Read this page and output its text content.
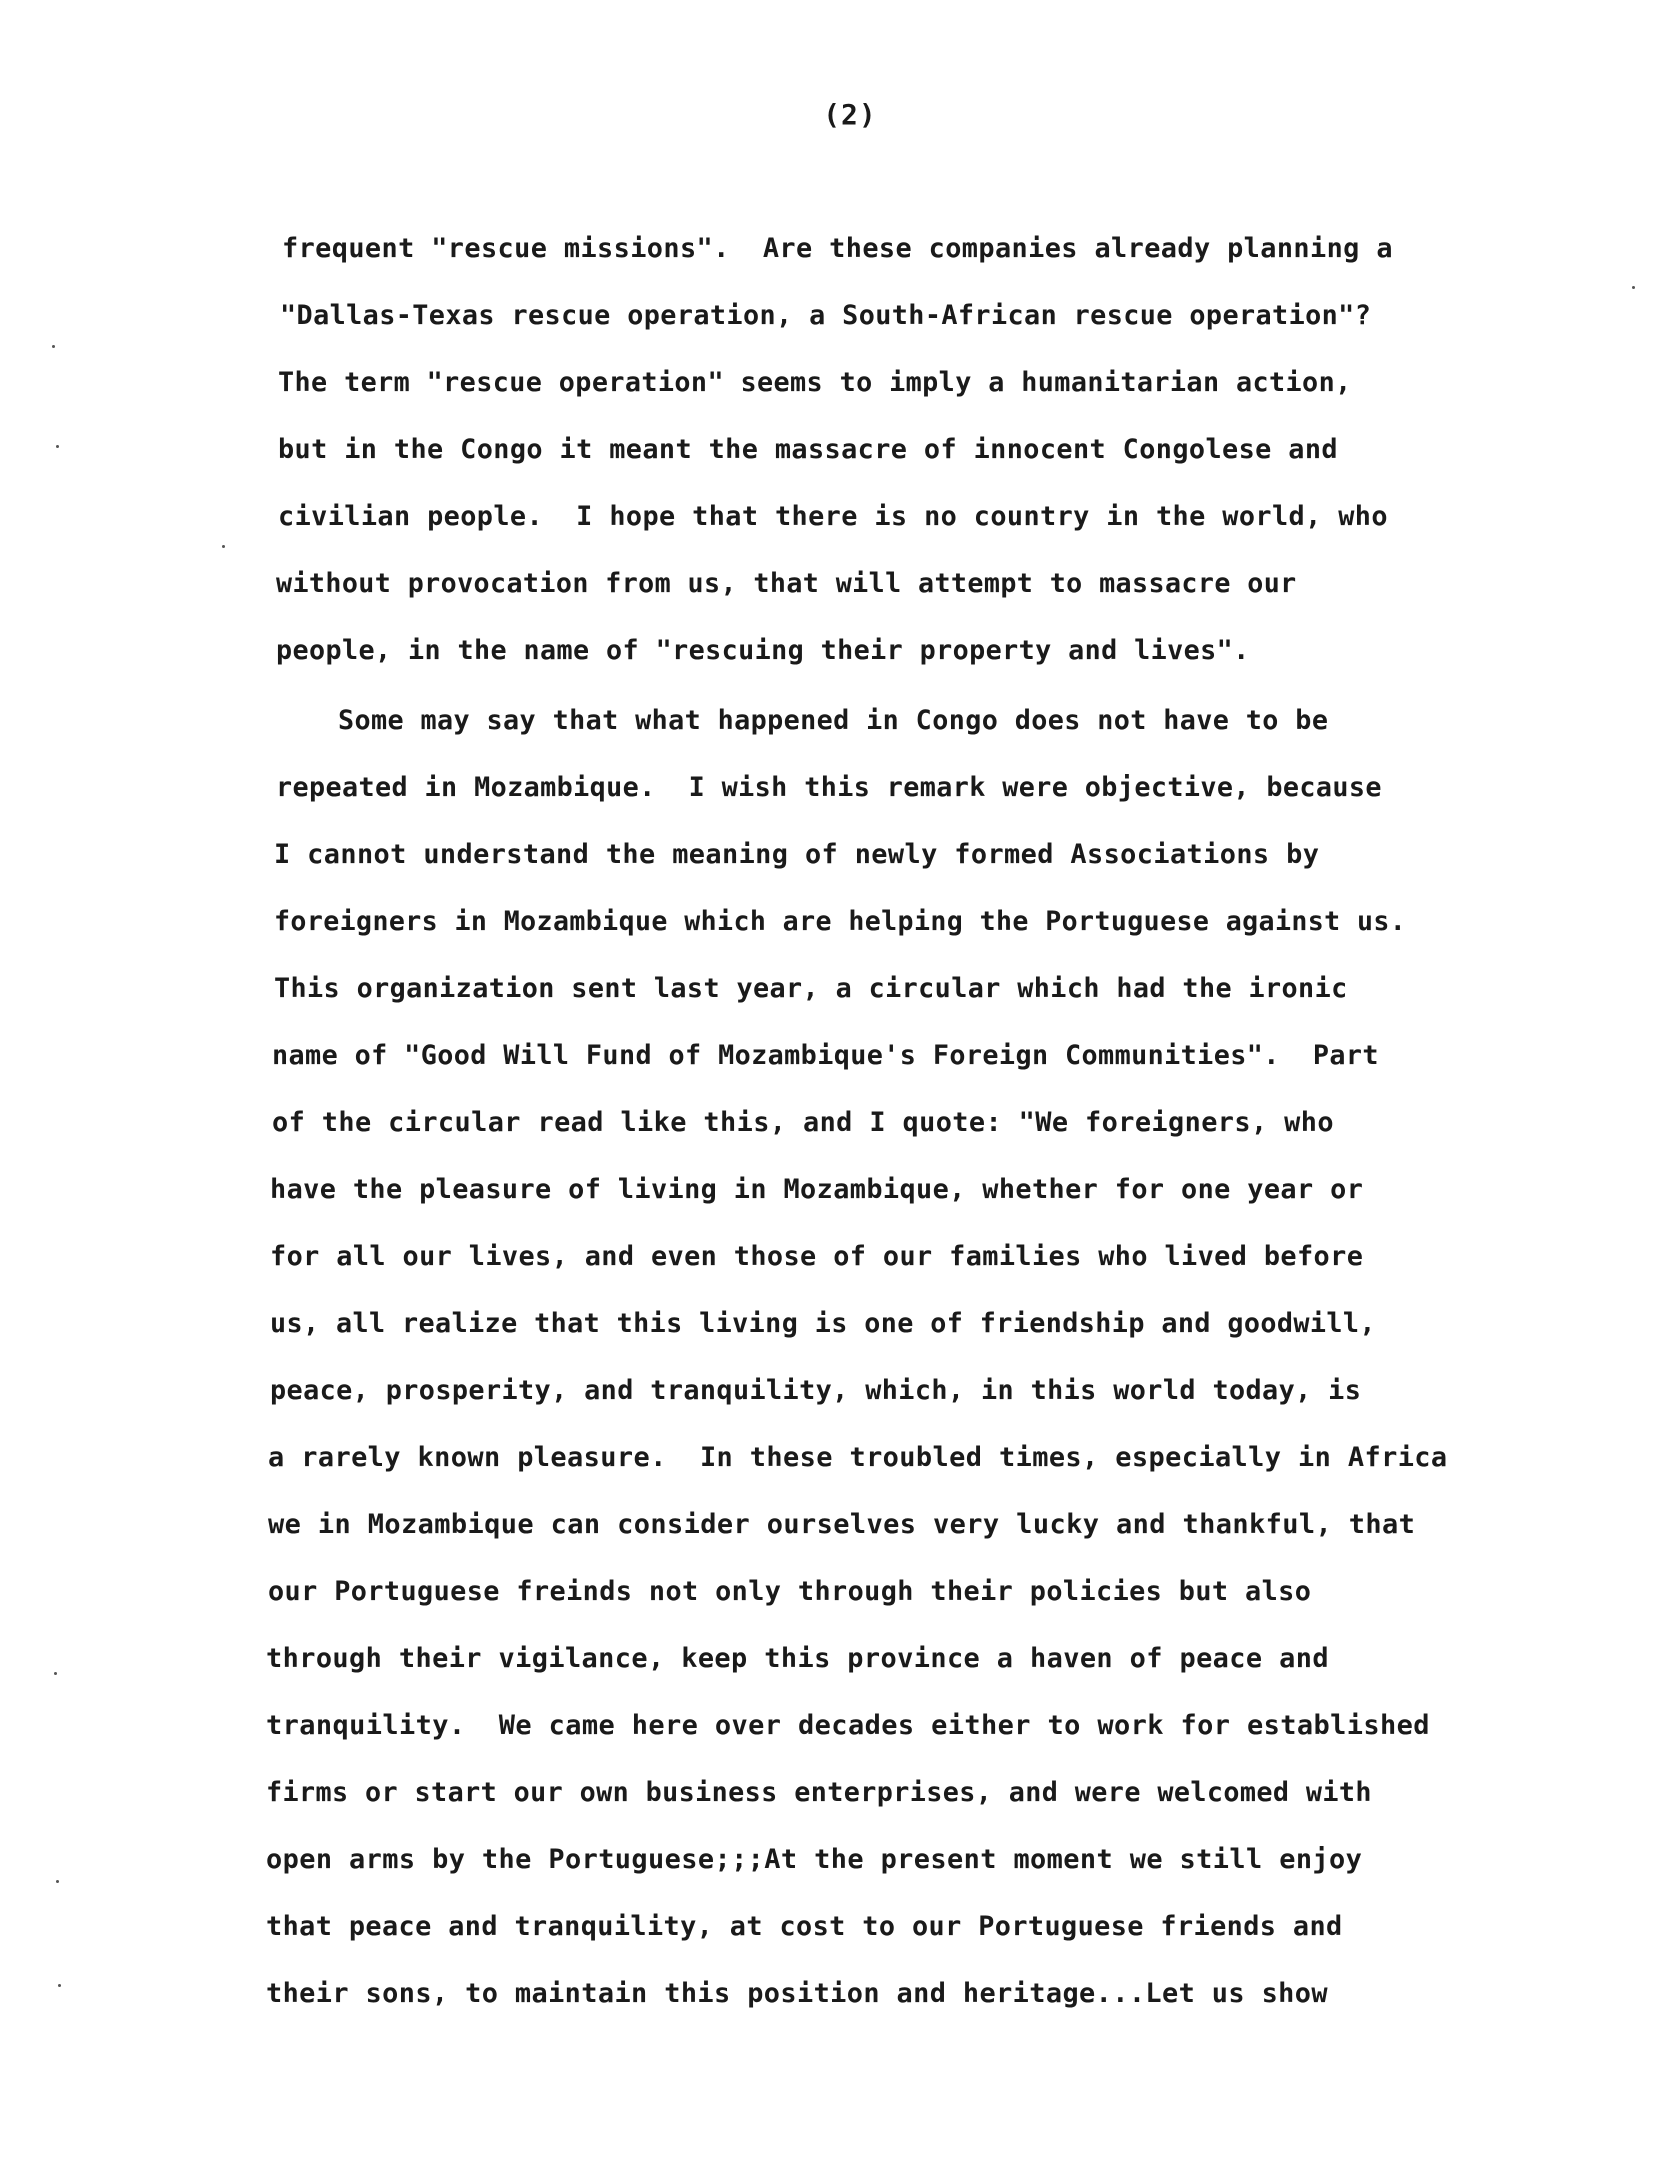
(2)
frequent "rescue missions".  Are these companies already planning a
"Dallas-Texas rescue operation, a South-African rescue operation"?
The term "rescue operation" seems to imply a humanitarian action,
but in the Congo it meant the massacre of innocent Congolese and
civilian people.  I hope that there is no country in the world, who
without provocation from us, that will attempt to massacre our
people, in the name of "rescuing their property and lives".
Some may say that what happened in Congo does not have to be
repeated in Mozambique.  I wish this remark were objective, because
I cannot understand the meaning of newly formed Associations by
foreigners in Mozambique which are helping the Portuguese against us.
This organization sent last year, a circular which had the ironic
name of "Good Will Fund of Mozambique's Foreign Communities".  Part
of the circular read like this, and I quote: "We foreigners, who
have the pleasure of living in Mozambique, whether for one year or
for all our lives, and even those of our families who lived before
us, all realize that this living is one of friendship and goodwill,
peace, prosperity, and tranquility, which, in this world today, is
a rarely known pleasure.  In these troubled times, especially in Africa
we in Mozambique can consider ourselves very lucky and thankful, that
our Portuguese freinds not only through their policies but also
through their vigilance, keep this province a haven of peace and
tranquility.  We came here over decades either to work for established
firms or start our own business enterprises, and were welcomed with
open arms by the Portuguese;;;At the present moment we still enjoy
that peace and tranquility, at cost to our Portuguese friends and
their sons, to maintain this position and heritage...Let us show
